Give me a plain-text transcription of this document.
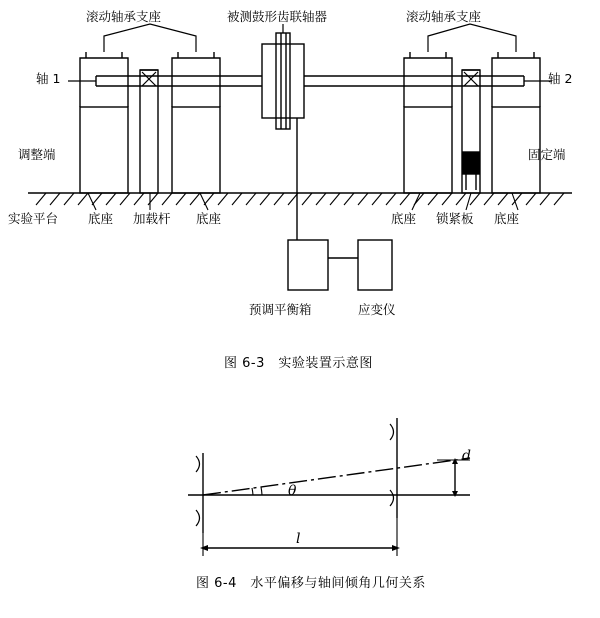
滚动轴承支座	被测鼓形齿联轴器	滚动轴承支座
轴 1	轴 2
调整端	固定端
实验平台 底座 加载杆 底座	底座 锁紧板 底座
预调平衡箱	应变仪
图 6-3　实验装置示意图
d
θ
l
图 6-4　水平偏移与轴间倾角几何关系
